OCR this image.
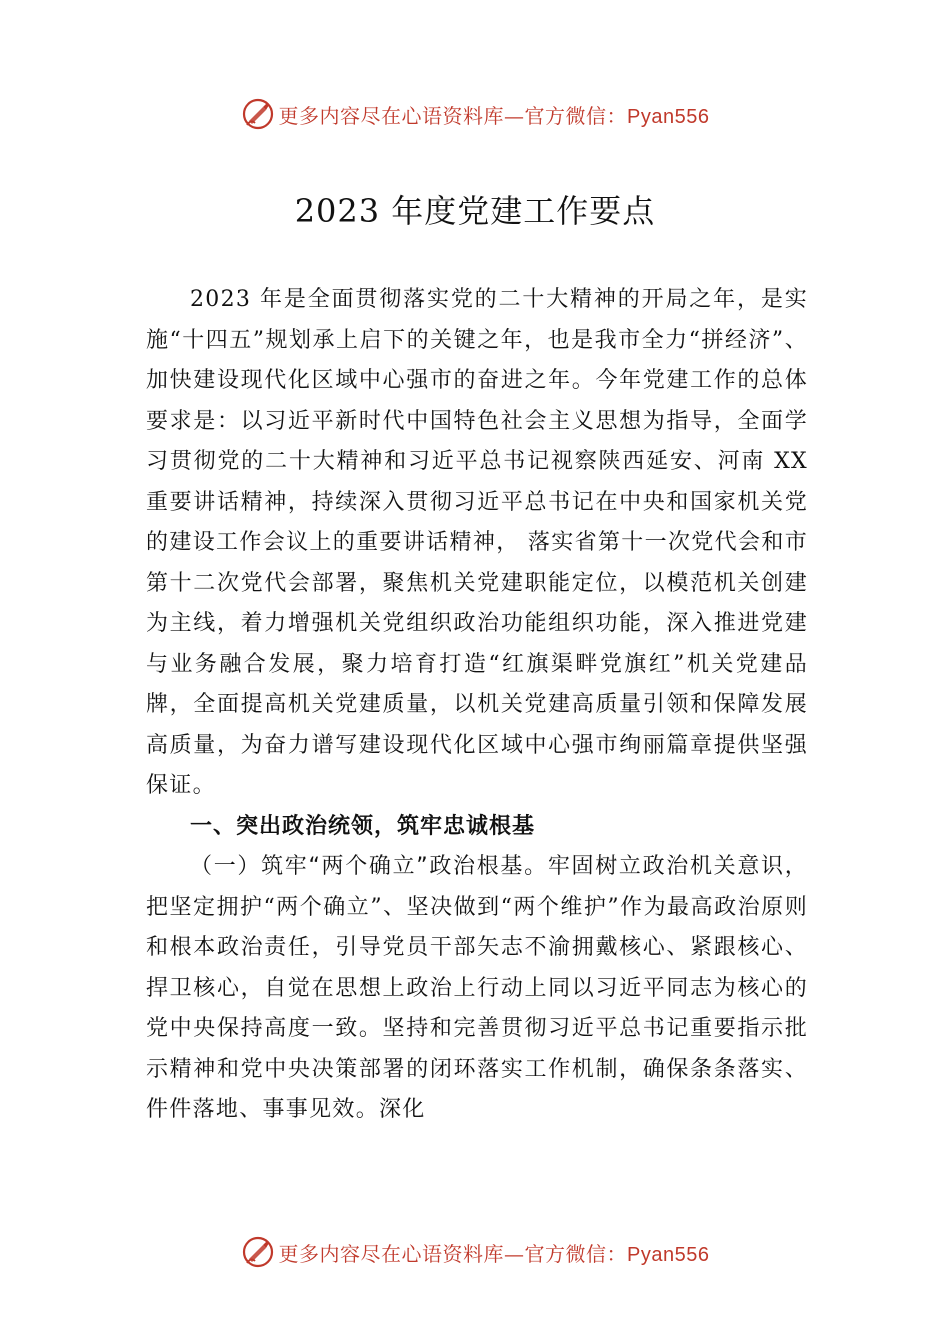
更多内容尽在心语资料库—官方微信：Pyan556
2023 年度党建工作要点

2023 年是全面贯彻落实党的二十大精神的开局之年，是实施“十四五”规划承上启下的关键之年，也是我市全力“拼经济”、加快建设现代化区域中心强市的奋进之年。今年党建工作的总体要求是：以习近平新时代中国特色社会主义思想为指导，全面学习贯彻党的二十大精神和习近平总书记视察陕西延安、河南 XX 重要讲话精神，持续深入贯彻习近平总书记在中央和国家机关党的建设工作会议上的重要讲话精神， 落实省第十一次党代会和市第十二次党代会部署，聚焦机关党建职能定位，以模范机关创建为主线，着力增强机关党组织政治功能组织功能，深入推进党建与业务融合发展，聚力培育打造“红旗渠畔党旗红”机关党建品牌，全面提高机关党建质量，以机关党建高质量引领和保障发展高质量，为奋力谱写建设现代化区域中心强市绚丽篇章提供坚强保证。

一、突出政治统领，筑牢忠诚根基

（一）筑牢“两个确立”政治根基。牢固树立政治机关意识，把坚定拥护“两个确立”、坚决做到“两个维护”作为最高政治原则和根本政治责任，引导党员干部矢志不渝拥戴核心、紧跟核心、捍卫核心，自觉在思想上政治上行动上同以习近平同志为核心的党中央保持高度一致。坚持和完善贯彻习近平总书记重要指示批示精神和党中央决策部署的闭环落实工作机制，确保条条落实、件件落地、事事见效。深化

更多内容尽在心语资料库—官方微信：Pyan556
